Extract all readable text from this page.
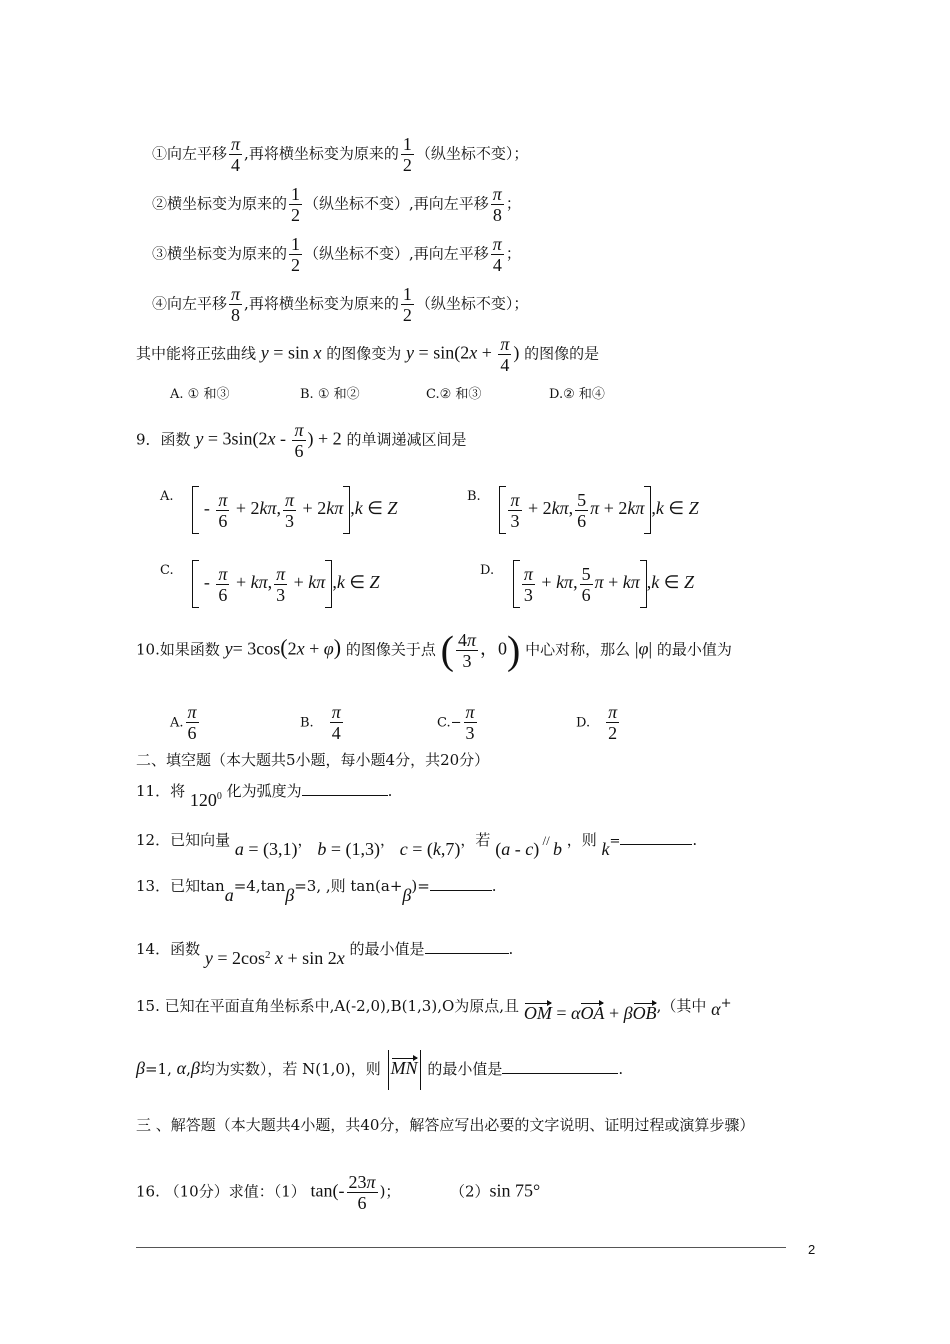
①向左平移 $\frac{\pi}{4}$ ,再将横坐标变为原来的 $\frac{1}{2}$ （纵坐标不变）；
②横坐标变为原来的 $\frac{1}{2}$ （纵坐标不变）,再向左平移 $\frac{\pi}{8}$ ；
③横坐标变为原来的 $\frac{1}{2}$ （纵坐标不变）,再向左平移 $\frac{\pi}{4}$ ；
④向左平移 $\frac{\pi}{8}$ ,再将横坐标变为原来的 $\frac{1}{2}$ （纵坐标不变）；
其中能将正弦曲线 y = sin x 的图像变为 $y = \sin(2x + \frac{\pi}{4}$ ) 的图像的是
A. ① 和③	B. ① 和②	C.② 和③	D.② 和④
9．函数 $y = 3\sin(2x - \frac{\pi}{6}$ ) + 2 的单调递减区间是
A.  - $\frac{\pi}{6} + 2k\pi$, $\frac{\pi}{3} + 2k\pi$ ,k ∈ Z
B. $\frac{\pi}{3} + 2k\pi$, $\frac{5}{6}$ π + 2kπ ,k ∈ Z
C.  - $\frac{\pi}{6} + k\pi$, $\frac{\pi}{3} + k\pi$ ,k ∈ Z
D. $\frac{\pi}{3} + k\pi$, $\frac{5}{6}$ π + kπ ,k ∈ Z
10.如果函数 y= 3cos(2x + φ) 的图像关于点 ( $\frac{4\pi}{3}$ ，0) 中心对称，那么 |φ| 的最小值为
A. $\frac{\pi}{6}$	B. $\frac{\pi}{4}$	$C.- \frac{\pi}{3}$	D. $\frac{\pi}{2}$
二、填空题（本大题共5小题，每小题4分，共20分）
11．将 $120^0$ 化为弧度为	.
12．已知向量 a = (3,1)， b = (1,3)， c = (k,7)，若 (a - c) // b ，则 k=	.
13．已知tana=4,tanβ=3, ,则 tan(a+β)=	.
14．函数 $y = 2\cos^2$ x + sin 2x 的最小值是	.
15. 已知在平面直角坐标系中,A(-2,0),B(1,3),O为原点,且 OM = αOA + βOB,（其中 α+
β=1, α,β均为实数），若 N(1,0)，则 MN 的最小值是	.
三 、解答题（本大题共4小题，共40分，解答应写出必要的文字说明、证明过程或演算步骤）
16. （10分）求值：（1） $\tan(- \frac{23\pi}{6}$ )；	（2）sin 75°
2
